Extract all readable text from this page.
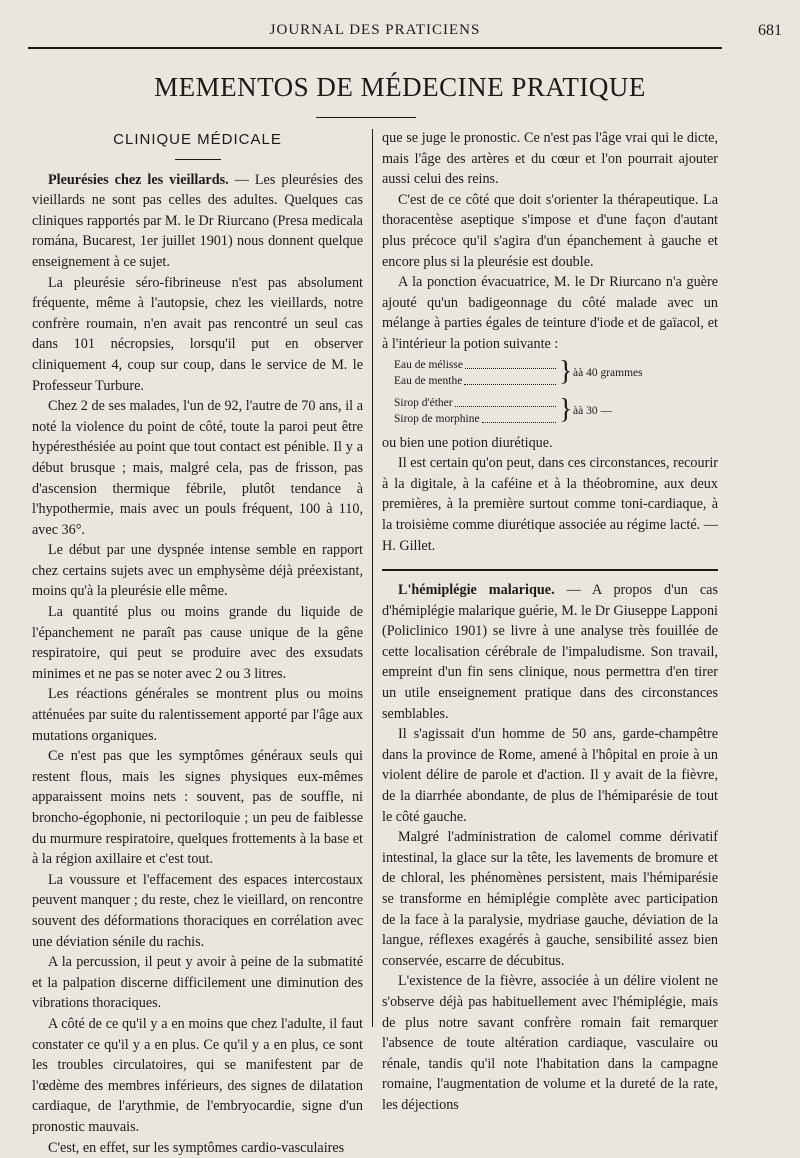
JOURNAL DES PRATICIENS	681
MEMENTOS DE MÉDECINE PRATIQUE
CLINIQUE MÉDICALE

Pleurésies chez les vieillards. — Les pleurésies des vieillards ne sont pas celles des adultes. Quelques cas cliniques rapportés par M. le Dr Riurcano (Presa medicala romána, Bucarest, 1er juillet 1901) nous donnent quelque enseignement à ce sujet.

La pleurésie séro-fibrineuse n'est pas absolument fréquente, même à l'autopsie, chez les vieillards, notre confrère roumain, n'en avait pas rencontré un seul cas dans 101 nécropsies, lorsqu'il put en observer cliniquement 4, coup sur coup, dans le service de M. le Professeur Turbure.

Chez 2 de ses malades, l'un de 92, l'autre de 70 ans, il a noté la violence du point de côté, toute la paroi peut être hypéresthésiée au point que tout contact est pénible. Il y a début brusque ; mais, malgré cela, pas de frisson, pas d'ascension thermique fébrile, plutôt tendance à l'hypothermie, mais avec un pouls fréquent, 100 à 110, avec 36°.

Le début par une dyspnée intense semble en rapport chez certains sujets avec un emphysème déjà préexistant, moins qu'à la pleurésie elle même.

La quantité plus ou moins grande du liquide de l'épanchement ne paraît pas cause unique de la gêne respiratoire, qui peut se produire avec des exsudats minimes et ne pas se noter avec 2 ou 3 litres.

Les réactions générales se montrent plus ou moins atténuées par suite du ralentissement apporté par l'âge aux mutations organiques.

Ce n'est pas que les symptômes généraux seuls qui restent flous, mais les signes physiques eux-mêmes apparaissent moins nets : souvent, pas de souffle, ni broncho-égophonie, ni pectoriloquie ; un peu de faiblesse du murmure respiratoire, quelques frottements à la base et à la région axillaire et c'est tout.

La voussure et l'effacement des espaces intercostaux peuvent manquer ; du reste, chez le vieillard, on rencontre souvent des déformations thoraciques en corrélation avec une déviation sénile du rachis.

A la percussion, il peut y avoir à peine de la submatité et la palpation discerne difficilement une diminution des vibrations thoraciques.

A côté de ce qu'il y a en moins que chez l'adulte, il faut constater ce qu'il y a en plus. Ce qu'il y a en plus, ce sont les troubles circulatoires, qui se manifestent par de l'œdème des membres inférieurs, des signes de dilatation cardiaque, de l'arythmie, de l'embryocardie, signe d'un pronostic mauvais.

C'est, en effet, sur les symptômes cardio-vasculaires

que se juge le pronostic. Ce n'est pas l'âge vrai qui le dicte, mais l'âge des artères et du cœur et l'on pourrait ajouter aussi celui des reins.

C'est de ce côté que doit s'orienter la thérapeutique. La thoracentèse aseptique s'impose et d'une façon d'autant plus précoce qu'il s'agira d'un épanchement à gauche et encore plus si la pleurésie est double.

A la ponction évacuatrice, M. le Dr Riurcano n'a guère ajouté qu'un badigeonnage du côté malade avec un mélange à parties égales de teinture d'iode et de gaïacol, et à l'intérieur la potion suivante :

Eau de mélisse
Eau de menthe	} àà 40 grammes
Sirop d'éther
Sirop de morphine	} àà 30 —

ou bien une potion diurétique.

Il est certain qu'on peut, dans ces circonstances, recourir à la digitale, à la caféine et à la théobromine, aux deux premières, à la première surtout comme toni-cardiaque, à la troisième comme diurétique associée au régime lacté. — H. Gillet.

L'hémiplégie malarique. — A propos d'un cas d'hémiplégie malarique guérie, M. le Dr Giuseppe Lapponi (Policlinico 1901) se livre à une analyse très fouillée de cette localisation cérébrale de l'impaludisme. Son travail, empreint d'un fin sens clinique, nous permettra d'en tirer un utile enseignement pratique dans des circonstances semblables.

Il s'agissait d'un homme de 50 ans, garde-champêtre dans la province de Rome, amené à l'hôpital en proie à un violent délire de parole et d'action. Il y avait de la fièvre, de la diarrhée abondante, de plus de l'hémiparésie de tout le côté gauche.

Malgré l'administration de calomel comme dérivatif intestinal, la glace sur la tête, les lavements de bromure et de chloral, les phénomènes persistent, mais l'hémiparésie se transforme en hémiplégie complète avec participation de la face à la paralysie, mydriase gauche, déviation de la langue, réflexes exagérés à gauche, sensibilité assez bien conservée, escarre de décubitus.

L'existence de la fièvre, associée à un délire violent ne s'observe déjà pas habituellement avec l'hémiplégie, mais de plus notre savant confrère romain fait remarquer l'absence de toute altération cardiaque, vasculaire ou rénale, tandis qu'il note l'habitation dans la campagne romaine, l'augmentation de volume et la dureté de la rate, les déjections
